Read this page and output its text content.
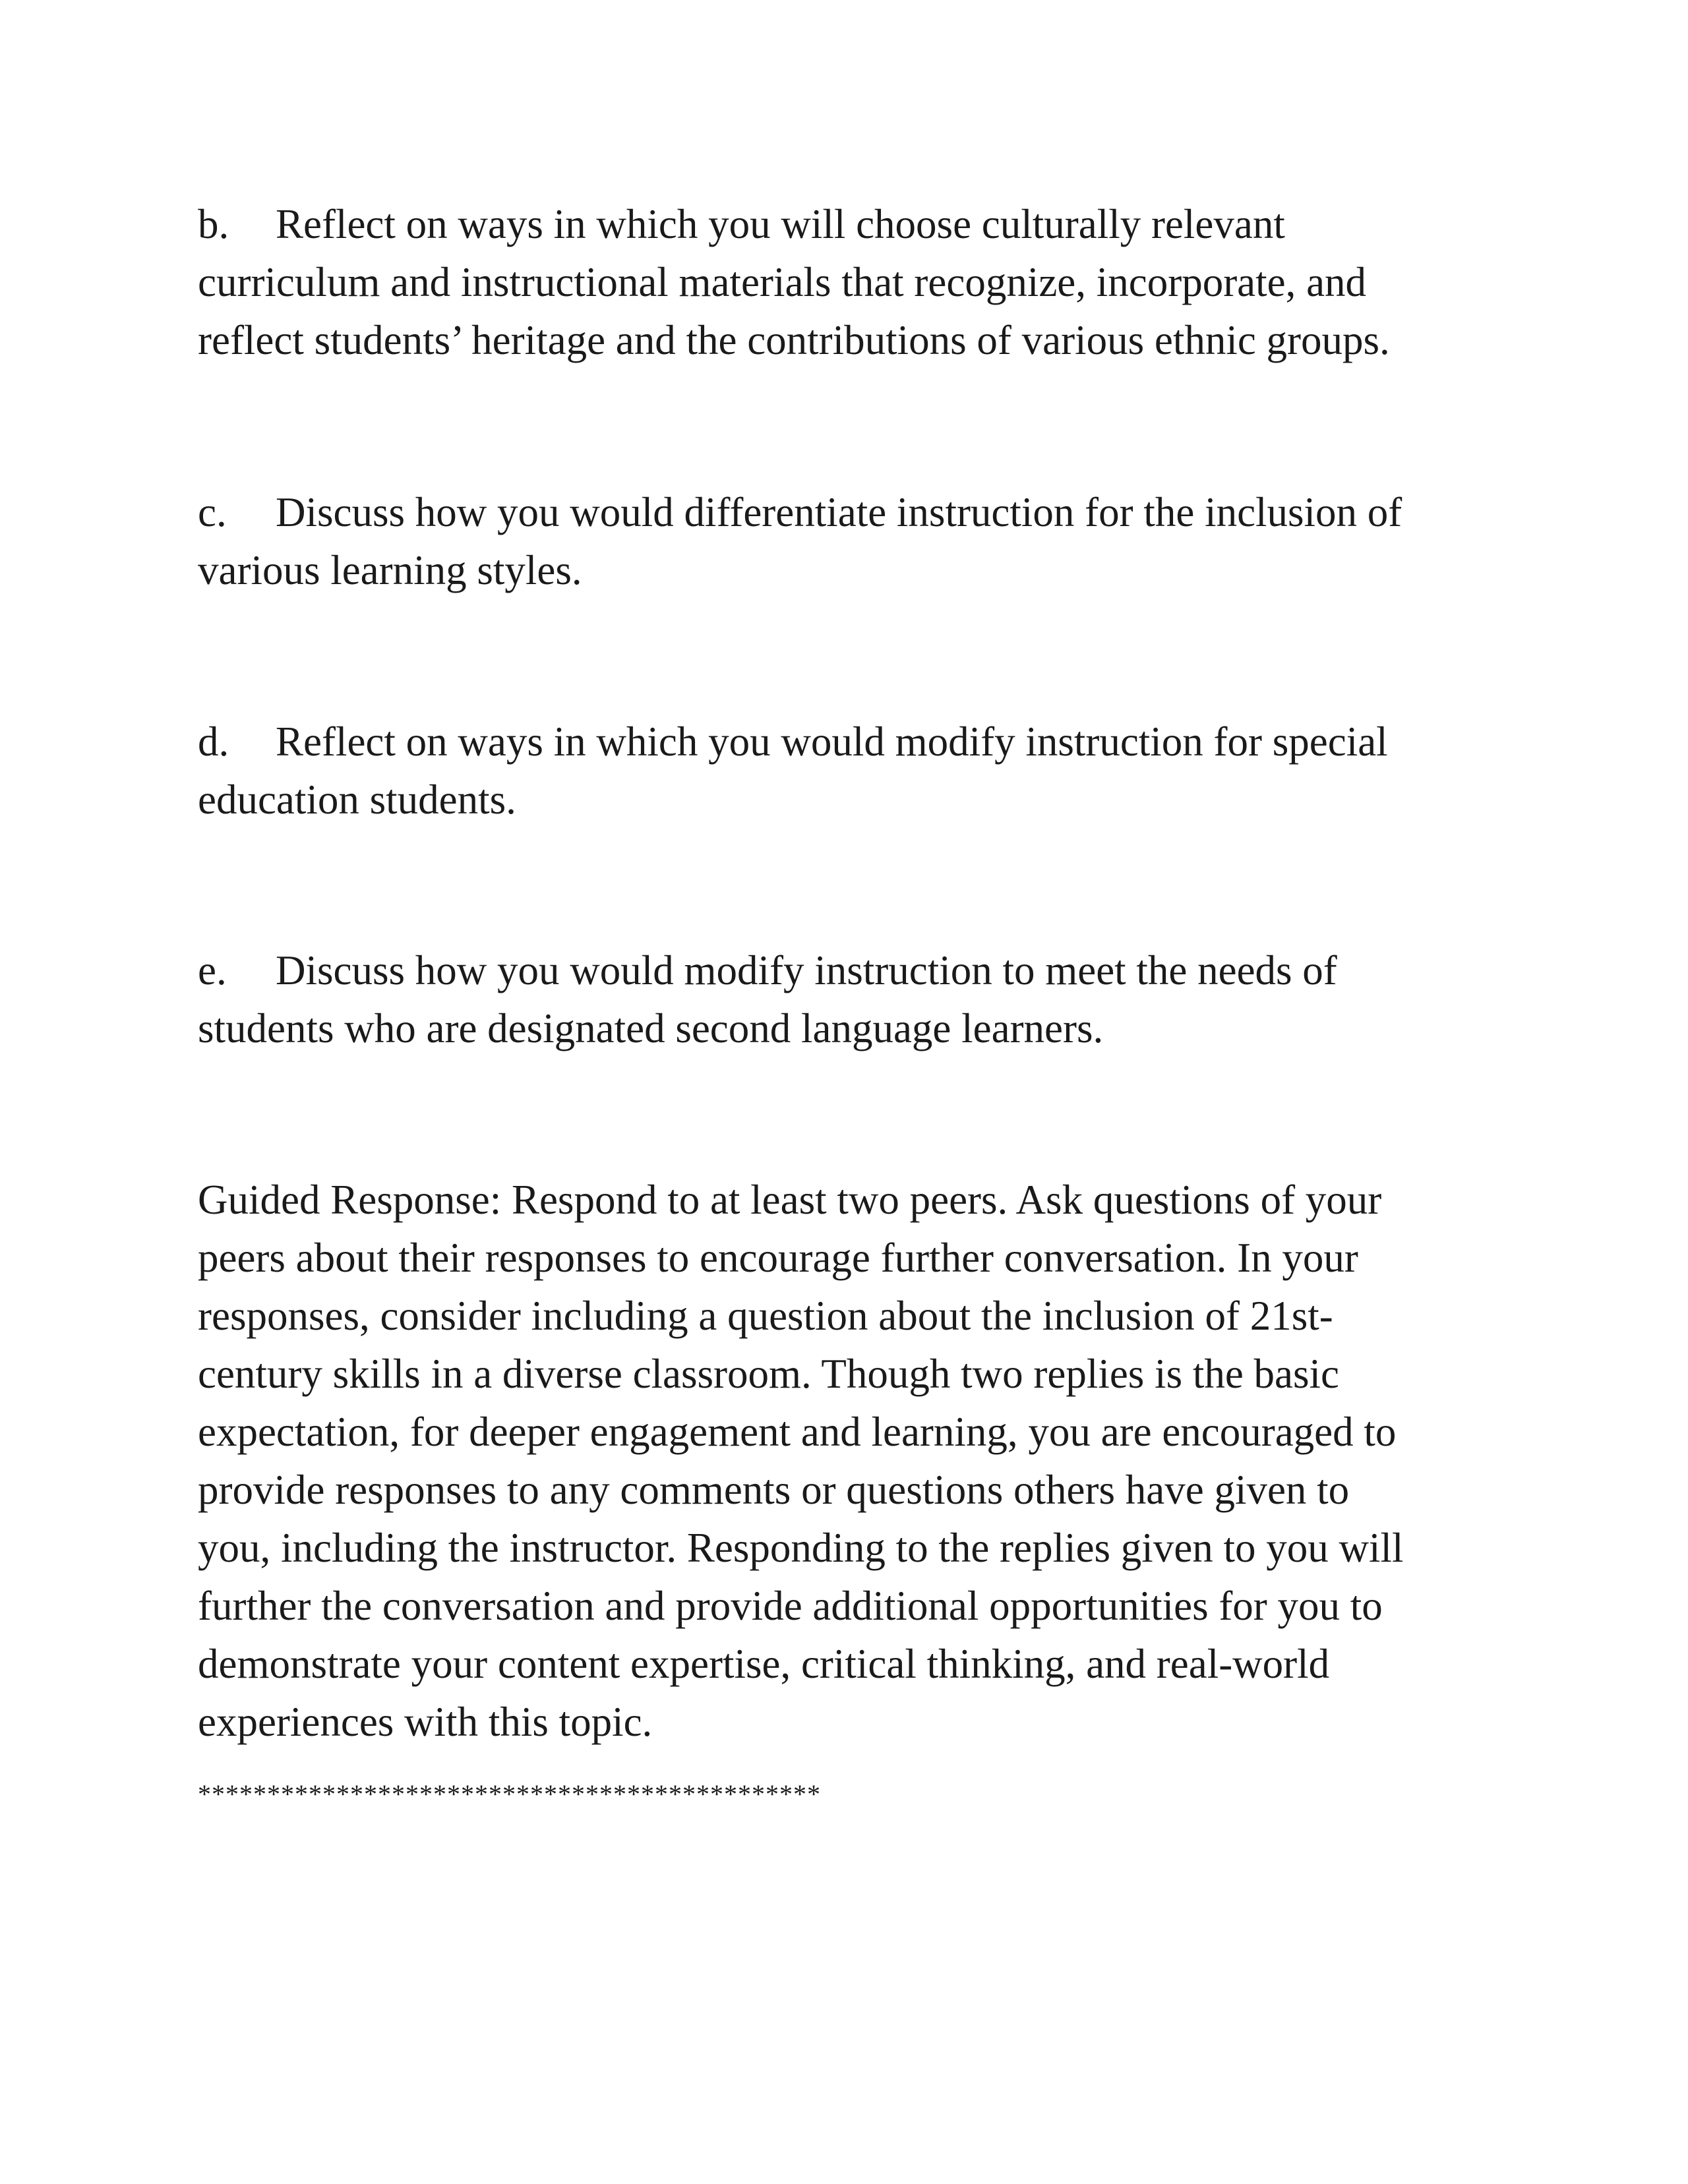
b. Reflect on ways in which you will choose culturally relevant
curriculum and instructional materials that recognize, incorporate, and
reflect students’ heritage and the contributions of various ethnic groups.
c. Discuss how you would differentiate instruction for the inclusion of
various learning styles.
d. Reflect on ways in which you would modify instruction for special
education students.
e. Discuss how you would modify instruction to meet the needs of
students who are designated second language learners.
Guided Response: Respond to at least two peers. Ask questions of your
peers about their responses to encourage further conversation. In your
responses, consider including a question about the inclusion of 21st-
century skills in a diverse classroom. Though two replies is the basic
expectation, for deeper engagement and learning, you are encouraged to
provide responses to any comments or questions others have given to
you, including the instructor. Responding to the replies given to you will
further the conversation and provide additional opportunities for you to
demonstrate your content expertise, critical thinking, and real-world
experiences with this topic.
*********************************************
